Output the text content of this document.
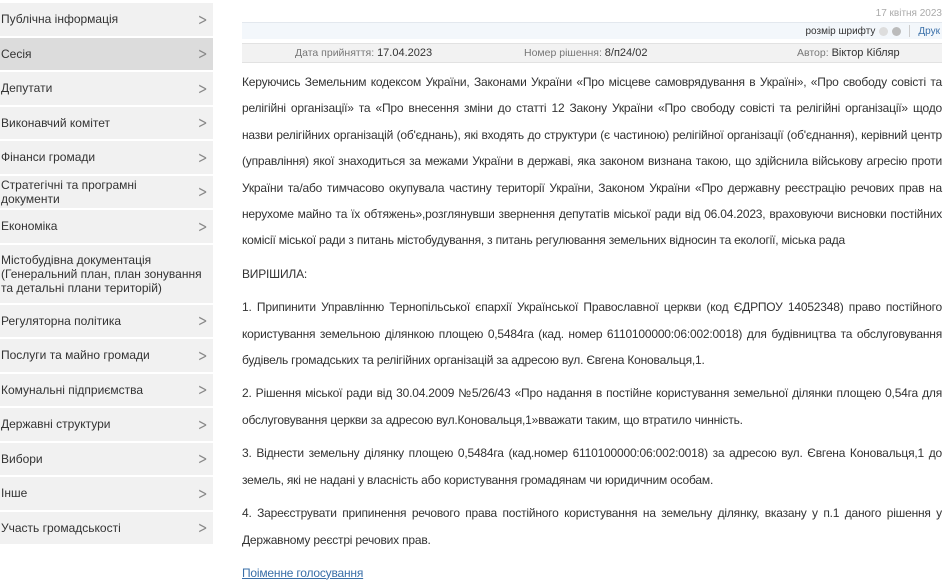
Публічна інформація	>
Сесія	>
Депутати	>
Виконавчий комітет	>
Фінанси громади	>
Стратегічні та програмні документи	>
Економіка	>
Містобудівна документація (Генеральний план, план зонування та детальні плани територій)
Регуляторна політика	>
Послуги та майно громади	>
Комунальні підприємства	>
Державні структури	>
Вибори	>
Інше	>
Участь громадськості	>
17 квітня 2023
розмір шрифту	Друк
Дата прийняття: 17.04.2023	Номер рішення: 8/п24/02	Автор: Віктор Кібляр

Керуючись Земельним кодексом України, Законами України «Про місцеве самоврядування в Україні», «Про свободу совісті та релігійні організації» та «Про внесення зміни до статті 12 Закону України «Про свободу совісті та релігійні організації» щодо назви релігійних організацій (об'єднань), які входять до структури (є частиною) релігійної організації (об'єднання), керівний центр (управління) якої знаходиться за межами України в державі, яка законом визнана такою, що здійснила військову агресію проти України та/або тимчасово окупувала частину території України, Законом України «Про державну реєстрацію речових прав на нерухоме майно та їх обтяжень»,розглянувши звернення депутатів міської ради від 06.04.2023, враховуючи висновки постійних комісії міської ради з питань містобудування, з питань регулювання земельних відносин та екології, міська рада

ВИРІШИЛА:

1. Припинити Управлінню Тернопільської єпархії Української Православної церкви (код ЄДРПОУ 14052348) право постійного користування земельною ділянкою площею 0,5484га (кад. номер 6110100000:06:002:0018) для будівництва та обслуговування будівель громадських та релігійних організацій за адресою вул. Євгена Коновальця,1.

2. Рішення міської ради від 30.04.2009 №5/26/43 «Про надання в постійне користування земельної ділянки площею 0,54га для обслуговування церкви за адресою вул.Коновальця,1»вважати таким, що втратило чинність.

3. Віднести земельну ділянку площею 0,5484га (кад.номер 6110100000:06:002:0018) за адресою вул. Євгена Коновальця,1 до земель, які не надані у власність або користування громадянам чи юридичним особам.

4. Зареєструвати припинення речового права постійного користування на земельну ділянку, вказану у п.1 даного рішення у Державному реєстрі речових прав.

Поіменне голосування
